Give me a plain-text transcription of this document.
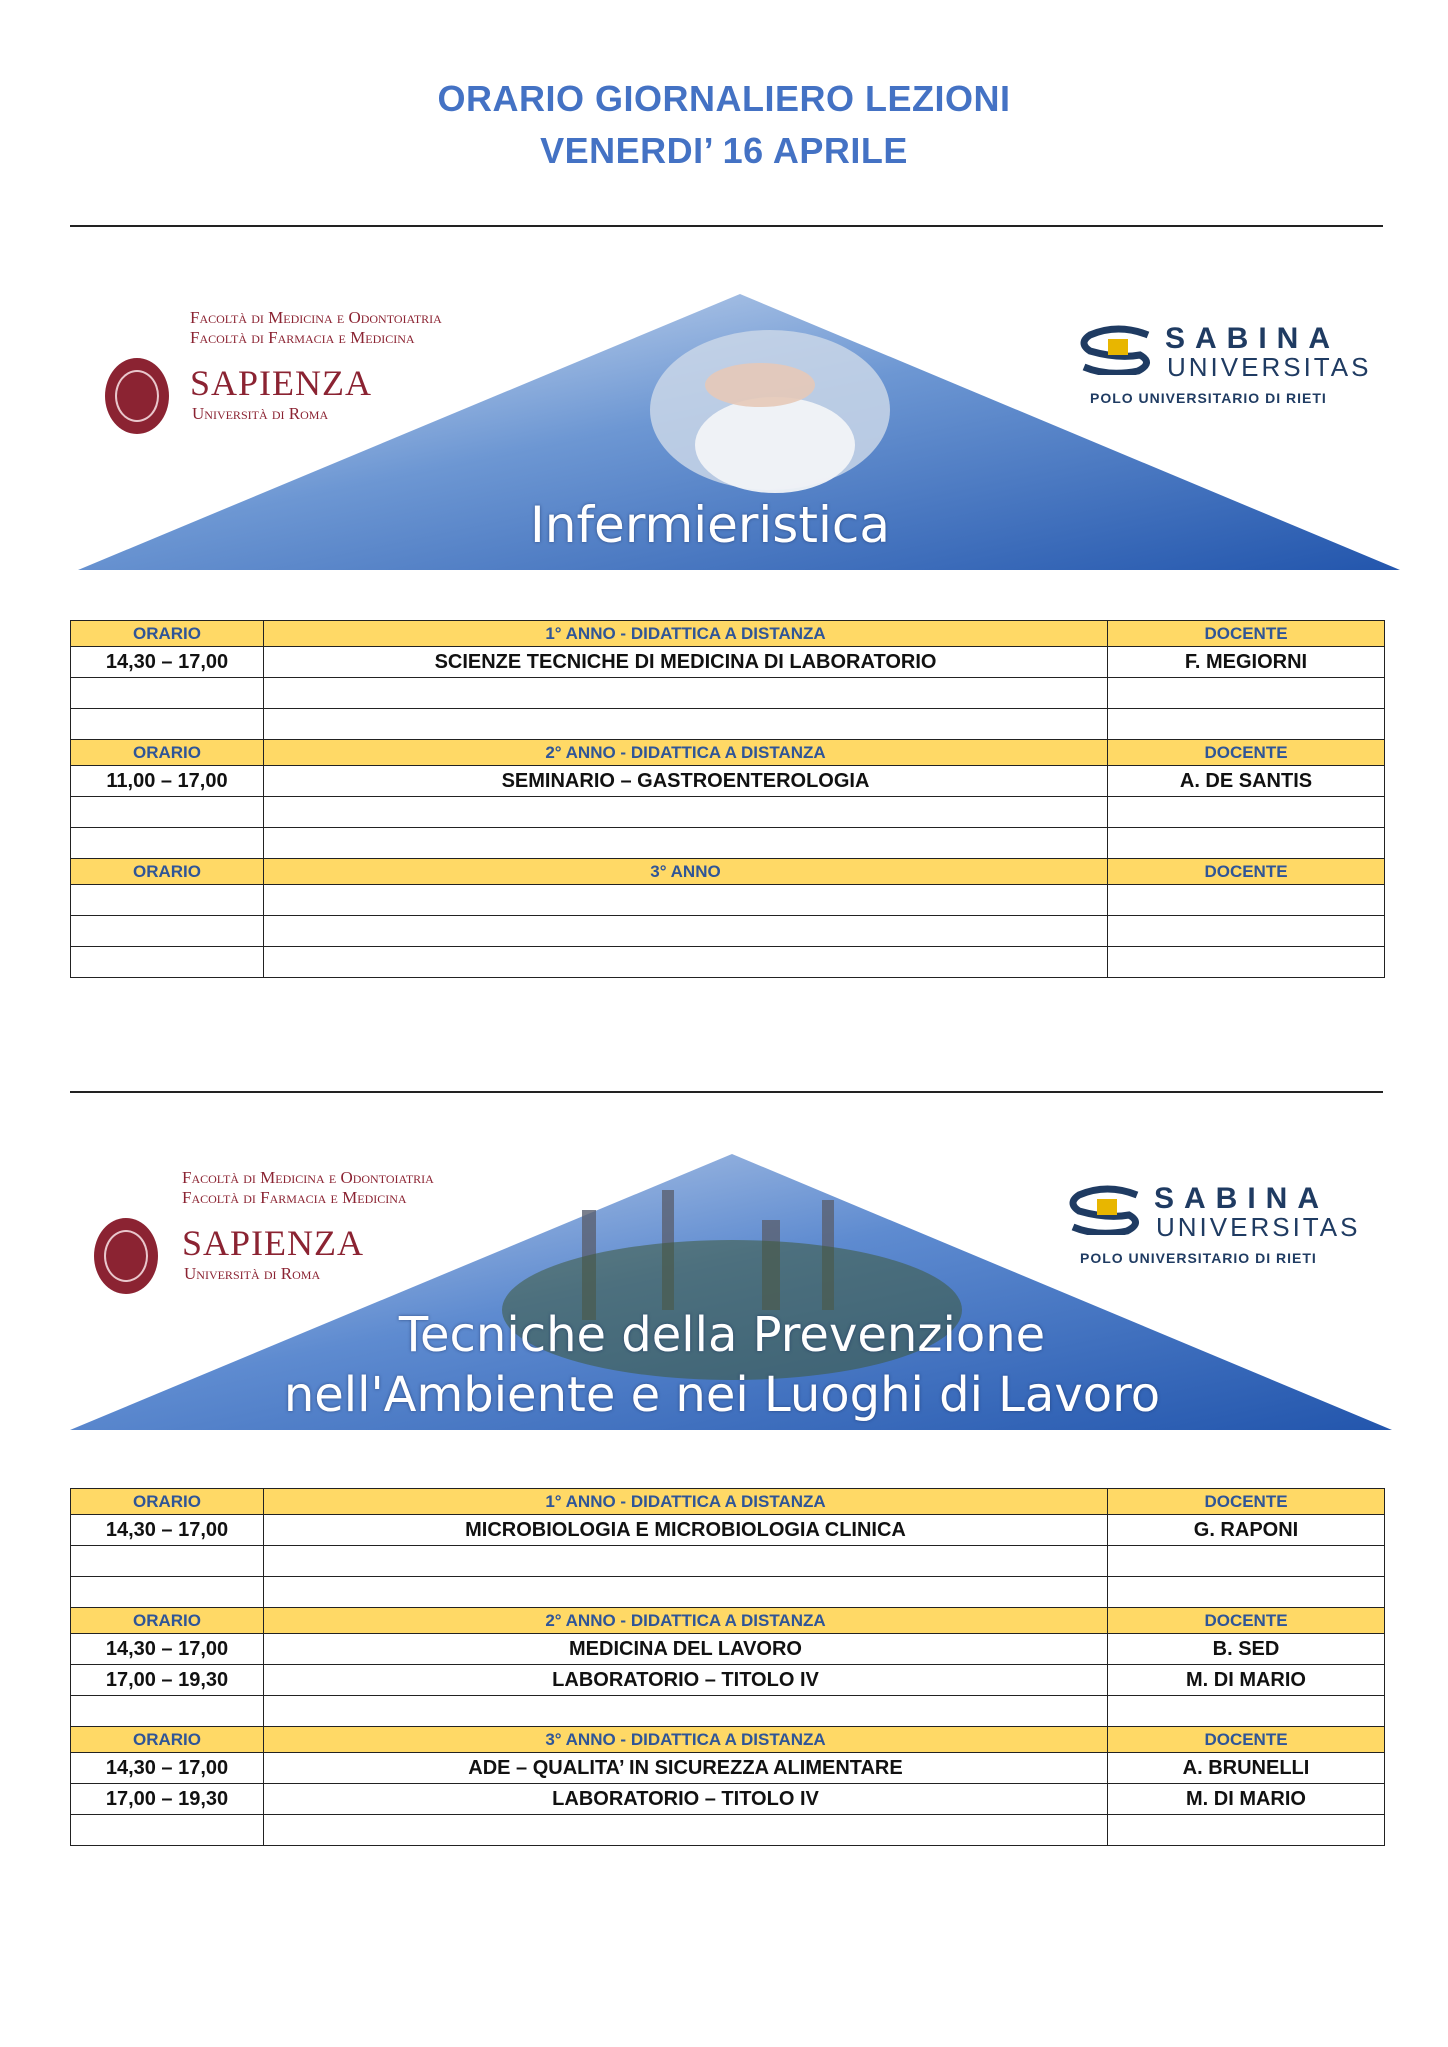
ORARIO GIORNALIERO LEZIONI
VENERDI’ 16 APRILE
Facoltà di Medicina e Odontoiatria
Facoltà di Farmacia e Medicina
SAPIENZA
Università di Roma
SABINA
UNIVERSITAS
POLO UNIVERSITARIO DI RIETI
Infermieristica
ORARIO	1° ANNO - DIDATTICA A DISTANZA	DOCENTE
14,30 – 17,00	SCIENZE TECNICHE DI MEDICINA DI LABORATORIO	F. MEGIORNI

ORARIO	2° ANNO - DIDATTICA A DISTANZA	DOCENTE
11,00 – 17,00	SEMINARIO – GASTROENTEROLOGIA	A. DE SANTIS

ORARIO	3° ANNO	DOCENTE

Facoltà di Medicina e Odontoiatria
Facoltà di Farmacia e Medicina
SAPIENZA
Università di Roma
SABINA
UNIVERSITAS
POLO UNIVERSITARIO DI RIETI
Tecniche della Prevenzione
nell'Ambiente e nei Luoghi di Lavoro
ORARIO	1° ANNO - DIDATTICA A DISTANZA	DOCENTE
14,30 – 17,00	MICROBIOLOGIA E MICROBIOLOGIA CLINICA	G. RAPONI

ORARIO	2° ANNO - DIDATTICA A DISTANZA	DOCENTE
14,30 – 17,00	MEDICINA DEL LAVORO	B. SED
17,00 – 19,30	LABORATORIO – TITOLO IV	M. DI MARIO

ORARIO	3° ANNO - DIDATTICA A DISTANZA	DOCENTE
14,30 – 17,00	ADE – QUALITA’ IN SICUREZZA ALIMENTARE	A. BRUNELLI
17,00 – 19,30	LABORATORIO – TITOLO IV	M. DI MARIO
